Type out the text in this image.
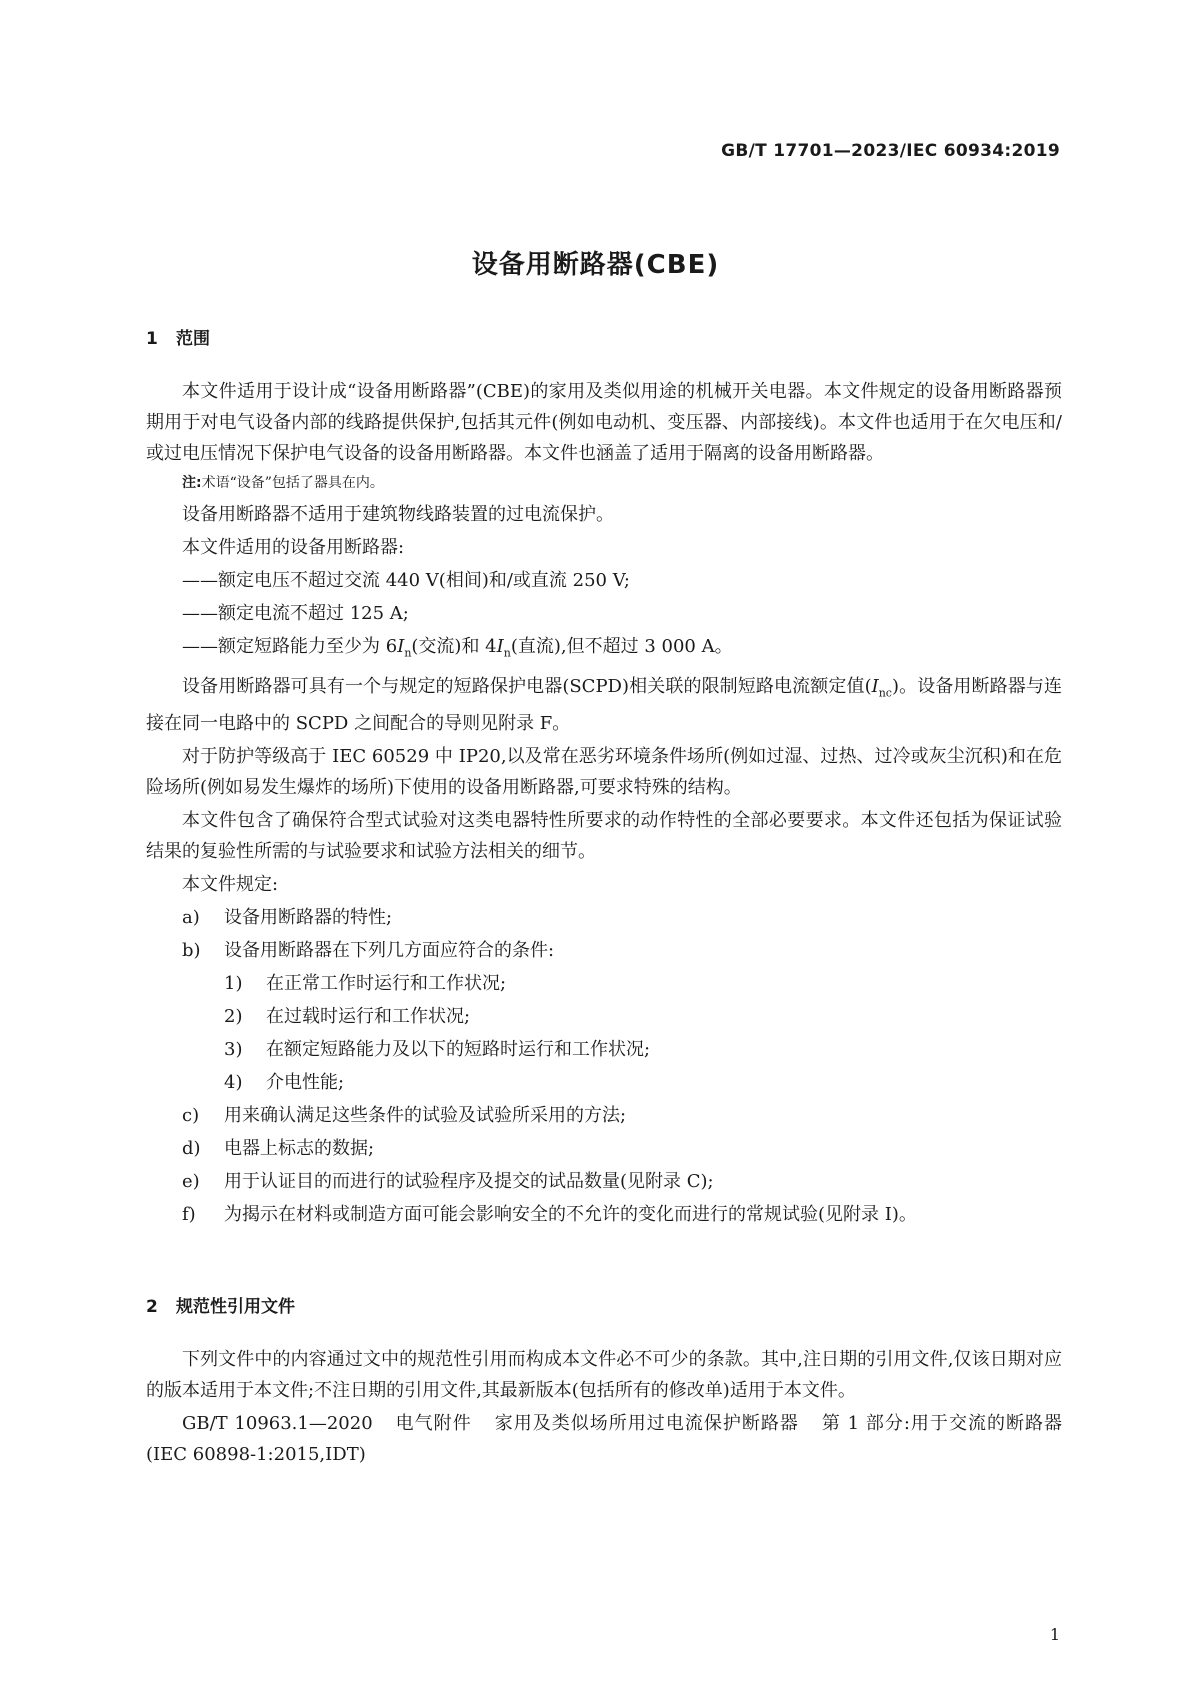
GB/T 17701—2023/IEC 60934:2019
设备用断路器(CBE)
1 范围

本文件适用于设计成“设备用断路器”(CBE)的家用及类似用途的机械开关电器。本文件规定的设备用断路器预期用于对电气设备内部的线路提供保护,包括其元件(例如电动机、变压器、内部接线)。本文件也适用于在欠电压和/或过电压情况下保护电气设备的设备用断路器。本文件也涵盖了适用于隔离的设备用断路器。

注:术语“设备”包括了器具在内。

设备用断路器不适用于建筑物线路装置的过电流保护。

本文件适用的设备用断路器:

——额定电压不超过交流 440 V(相间)和/或直流 250 V;

——额定电流不超过 125 A;

——额定短路能力至少为 $6I_n$(交流)和 $4I_n$(直流),但不超过 3 000 A。

设备用断路器可具有一个与规定的短路保护电器(SCPD)相关联的限制短路电流额定值$(I_{nc})$。设备用断路器与连接在同一电路中的 SCPD 之间配合的导则见附录 F。

对于防护等级高于 IEC 60529 中 IP20,以及常在恶劣环境条件场所(例如过湿、过热、过冷或灰尘沉积)和在危险场所(例如易发生爆炸的场所)下使用的设备用断路器,可要求特殊的结构。

本文件包含了确保符合型式试验对这类电器特性所要求的动作特性的全部必要要求。本文件还包括为保证试验结果的复验性所需的与试验要求和试验方法相关的细节。

本文件规定:

a) 设备用断路器的特性;

b) 设备用断路器在下列几方面应符合的条件:

1) 在正常工作时运行和工作状况;

2) 在过载时运行和工作状况;

3) 在额定短路能力及以下的短路时运行和工作状况;

4) 介电性能;

c) 用来确认满足这些条件的试验及试验所采用的方法;

d) 电器上标志的数据;

e) 用于认证目的而进行的试验程序及提交的试品数量(见附录 C);

f) 为揭示在材料或制造方面可能会影响安全的不允许的变化而进行的常规试验(见附录 I)。

2 规范性引用文件

下列文件中的内容通过文中的规范性引用而构成本文件必不可少的条款。其中,注日期的引用文件,仅该日期对应的版本适用于本文件;不注日期的引用文件,其最新版本(包括所有的修改单)适用于本文件。

GB/T 10963.1—2020 电气附件 家用及类似场所用过电流保护断路器 第 1 部分:用于交流的断路器(IEC 60898-1:2015,IDT)

1
